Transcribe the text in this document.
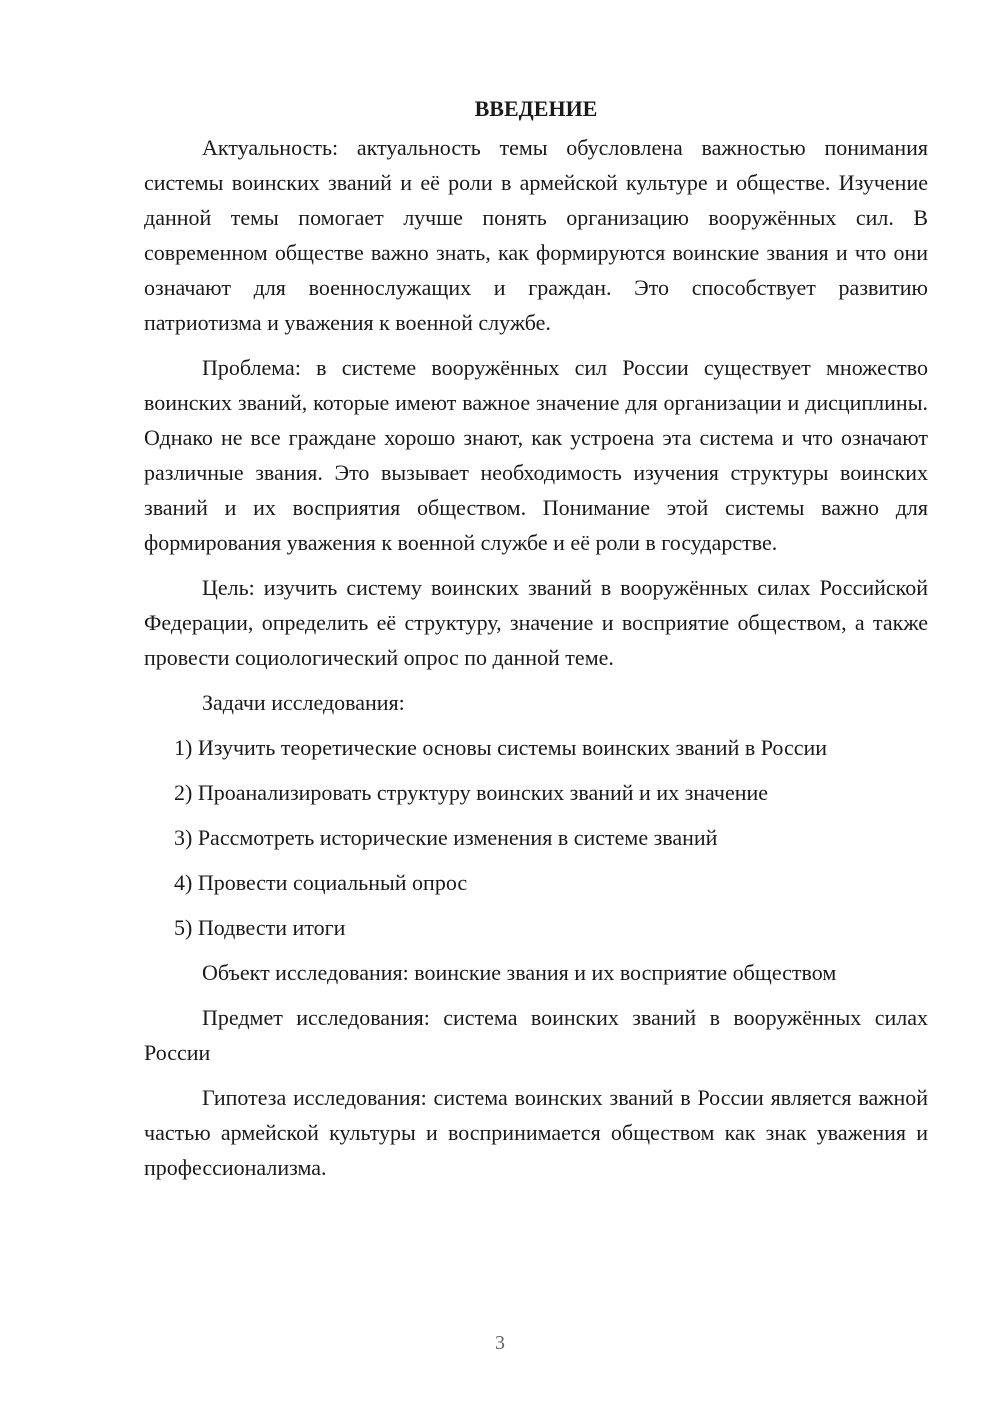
ВВЕДЕНИЕ

Актуальность: актуальность темы обусловлена важностью понимания системы воинских званий и её роли в армейской культуре и обществе. Изучение данной темы помогает лучше понять организацию вооружённых сил. В современном обществе важно знать, как формируются воинские звания и что они означают для военнослужащих и граждан. Это способствует развитию патриотизма и уважения к военной службе.

Проблема: в системе вооружённых сил России существует множество воинских званий, которые имеют важное значение для организации и дисциплины. Однако не все граждане хорошо знают, как устроена эта система и что означают различные звания. Это вызывает необходимость изучения структуры воинских званий и их восприятия обществом. Понимание этой системы важно для формирования уважения к военной службе и её роли в государстве.

Цель: изучить систему воинских званий в вооружённых силах Российской Федерации, определить её структуру, значение и восприятие обществом, а также провести социологический опрос по данной теме.

Задачи исследования:
1) Изучить теоретические основы системы воинских званий в России
2) Проанализировать структуру воинских званий и их значение
3) Рассмотреть исторические изменения в системе званий
4) Провести социальный опрос
5) Подвести итоги

Объект исследования: воинские звания и их восприятие обществом

Предмет исследования: система воинских званий в вооружённых силах России

Гипотеза исследования: система воинских званий в России является важной частью армейской культуры и воспринимается обществом как знак уважения и профессионализма.

3
